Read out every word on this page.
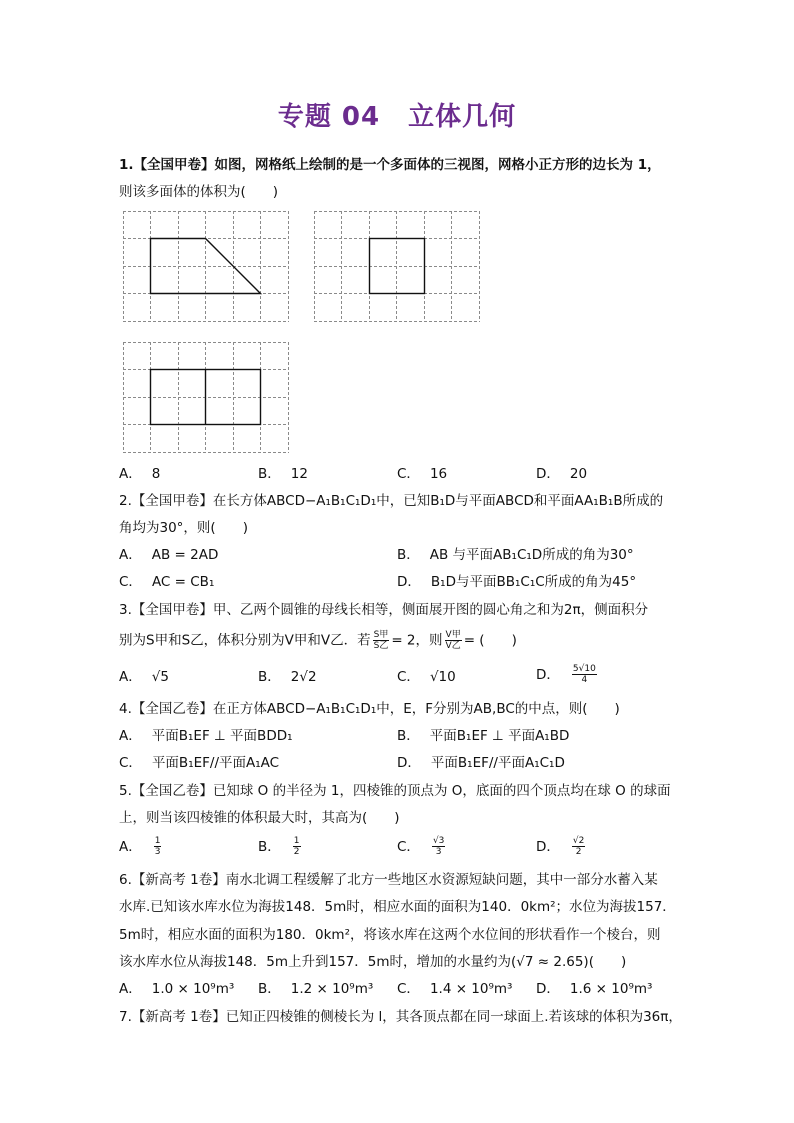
专题 04 立体几何
1.【全国甲卷】如图，网格纸上绘制的是一个多面体的三视图，网格小正方形的边长为 1，
则该多面体的体积为(　　)
A． 8	B． 12	C． 16	D． 20
2.【全国甲卷】在长方体ABCD−A₁B₁C₁D₁中，已知B₁D与平面ABCD和平面AA₁B₁B所成的
角均为30°，则(　　)
A． AB = 2AD	B． AB 与平面AB₁C₁D所成的角为30°
C． AC = CB₁	D． B₁D与平面BB₁C₁C所成的角为45°
3.【全国甲卷】甲、乙两个圆锥的母线长相等，侧面展开图的圆心角之和为2π，侧面积分
别为S甲和S乙，体积分别为V甲和V乙．若 $\frac{\text{S甲}}{\text{S乙}} = 2$，则 $\frac{\text{V甲}}{\text{V乙}}$ = (　　)
A． √5	B． 2√2	C． √10	D． $\frac{5√10}{4}$
4.【全国乙卷】在正方体ABCD−A₁B₁C₁D₁中，E，F分别为AB,BC的中点，则(　　)
A． 平面B₁EF ⊥ 平面BDD₁	B． 平面B₁EF ⊥ 平面A₁BD
C． 平面B₁EF//平面A₁AC	D． 平面B₁EF//平面A₁C₁D
5.【全国乙卷】已知球 O 的半径为 1，四棱锥的顶点为 O，底面的四个顶点均在球 O 的球面
上，则当该四棱锥的体积最大时，其高为(　　)
A． $\frac{1}{3}$	B． $\frac{1}{2}$	C． $\frac{√3}{3}$	D． $\frac{√2}{2}$
6.【新高考 1卷】南水北调工程缓解了北方一些地区水资源短缺问题，其中一部分水蓄入某
水库.已知该水库水位为海拔148．5m时，相应水面的面积为140．0km²；水位为海拔157．
5m时，相应水面的面积为180．0km²，将该水库在这两个水位间的形状看作一个棱台，则
该水库水位从海拔148．5m上升到157．5m时，增加的水量约为(√7 ≈ 2.65)(　　)
A． 1.0 × 10⁹m³ B． 1.2 × 10⁹m³ C． 1.4 × 10⁹m³ D． 1.6 × 10⁹m³
7.【新高考 1卷】已知正四棱锥的侧棱长为 l，其各顶点都在同一球面上.若该球的体积为36π，
